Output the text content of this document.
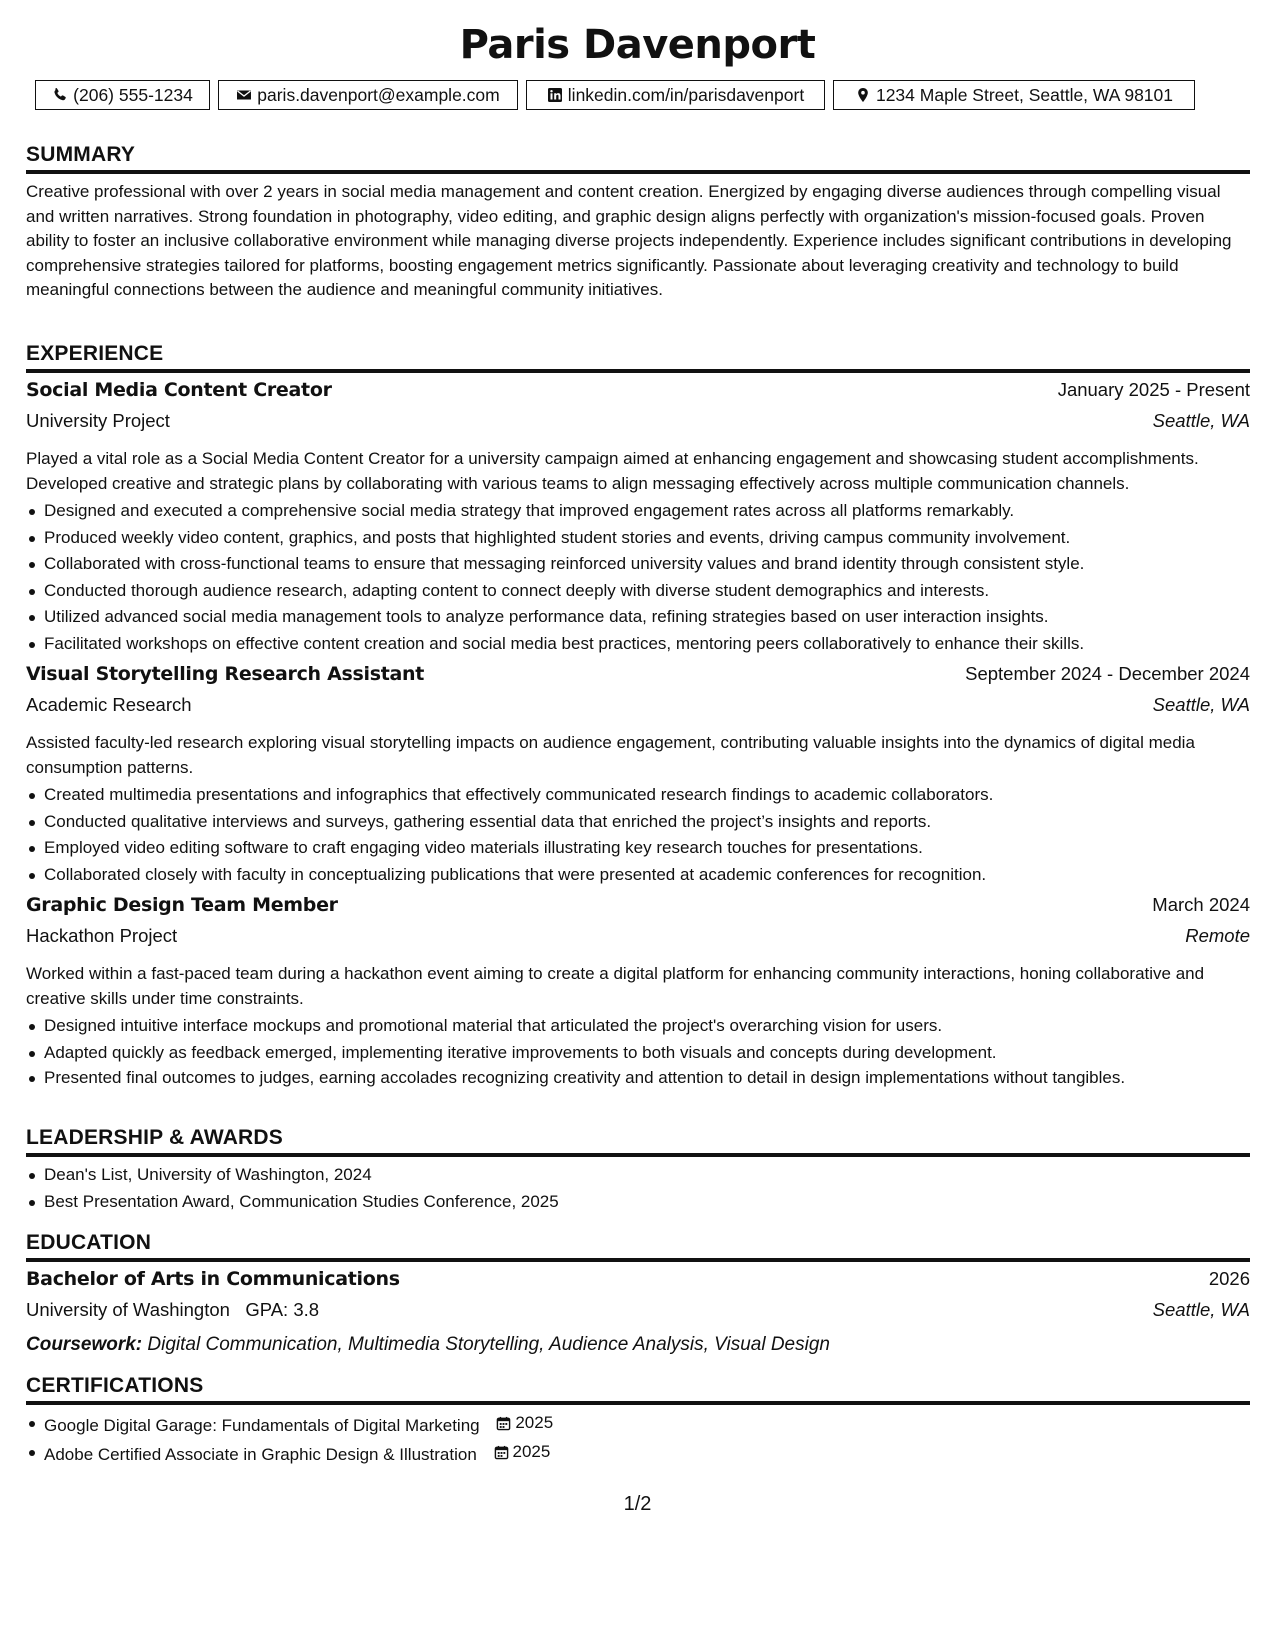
Paris Davenport
(206) 555-1234	paris.davenport@example.com	linkedin.com/in/parisdavenport	1234 Maple Street, Seattle, WA 98101
SUMMARY
Creative professional with over 2 years in social media management and content creation. Energized by engaging diverse audiences through compelling visual and written narratives. Strong foundation in photography, video editing, and graphic design aligns perfectly with organization's mission-focused goals. Proven ability to foster an inclusive collaborative environment while managing diverse projects independently. Experience includes significant contributions in developing comprehensive strategies tailored for platforms, boosting engagement metrics significantly. Passionate about leveraging creativity and technology to build meaningful connections between the audience and meaningful community initiatives.
EXPERIENCE
Social Media Content Creator	January 2025 - Present
University Project	Seattle, WA
Played a vital role as a Social Media Content Creator for a university campaign aimed at enhancing engagement and showcasing student accomplishments. Developed creative and strategic plans by collaborating with various teams to align messaging effectively across multiple communication channels.
Designed and executed a comprehensive social media strategy that improved engagement rates across all platforms remarkably.
Produced weekly video content, graphics, and posts that highlighted student stories and events, driving campus community involvement.
Collaborated with cross-functional teams to ensure that messaging reinforced university values and brand identity through consistent style.
Conducted thorough audience research, adapting content to connect deeply with diverse student demographics and interests.
Utilized advanced social media management tools to analyze performance data, refining strategies based on user interaction insights.
Facilitated workshops on effective content creation and social media best practices, mentoring peers collaboratively to enhance their skills.
Visual Storytelling Research Assistant	September 2024 - December 2024
Academic Research	Seattle, WA
Assisted faculty-led research exploring visual storytelling impacts on audience engagement, contributing valuable insights into the dynamics of digital media consumption patterns.
Created multimedia presentations and infographics that effectively communicated research findings to academic collaborators.
Conducted qualitative interviews and surveys, gathering essential data that enriched the project’s insights and reports.
Employed video editing software to craft engaging video materials illustrating key research touches for presentations.
Collaborated closely with faculty in conceptualizing publications that were presented at academic conferences for recognition.
Graphic Design Team Member	March 2024
Hackathon Project	Remote
Worked within a fast-paced team during a hackathon event aiming to create a digital platform for enhancing community interactions, honing collaborative and creative skills under time constraints.
Designed intuitive interface mockups and promotional material that articulated the project's overarching vision for users.
Adapted quickly as feedback emerged, implementing iterative improvements to both visuals and concepts during development.
Presented final outcomes to judges, earning accolades recognizing creativity and attention to detail in design implementations without tangibles.
LEADERSHIP & AWARDS
Dean's List, University of Washington, 2024
Best Presentation Award, Communication Studies Conference, 2025
EDUCATION
Bachelor of Arts in Communications	2026
University of Washington GPA: 3.8	Seattle, WA
Coursework: Digital Communication, Multimedia Storytelling, Audience Analysis, Visual Design
CERTIFICATIONS
Google Digital Garage: Fundamentals of Digital Marketing 2025
Adobe Certified Associate in Graphic Design & Illustration 2025
1/2
